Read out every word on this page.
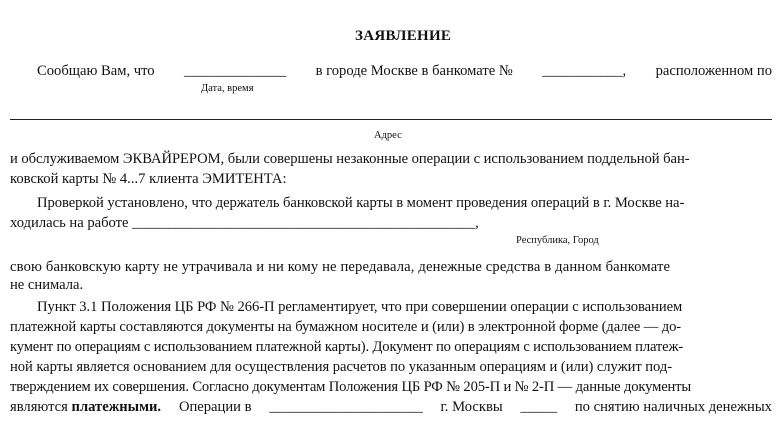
ЗАЯВЛЕНИЕ
Сообщаю Вам, что ______________ в городе Москве в банкомате № ___________, расположенном по
Дата, время
Адрес
и обслуживаемом ЭКВАЙРЕРОМ, были совершены незаконные операции с использованием поддельной бан-
ковской карты № 4...7 клиента ЭМИТЕНТА:
Проверкой установлено, что держатель банковской карты в момент проведения операций в г. Москве на-
ходилась на работе _______________________________________________,
Республика, Город
свою банковскую карту не утрачивала и ни кому не передавала, денежные средства в данном банкомате
не снимала.
Пункт 3.1 Положения ЦБ РФ № 266-П регламентирует, что при совершении операции с использованием
платежной карты составляются документы на бумажном носителе и (или) в электронной форме (далее — до-
кумент по операциям с использованием платежной карты). Документ по операциям с использованием платеж-
ной карты является основанием для осуществления расчетов по указанным операциям и (или) служит под-
тверждением их совершения. Согласно документам Положения ЦБ РФ № 205-П и № 2-П — данные документы
являются платежными. Операции в _____________________ г. Москвы _____ по снятию наличных денежных
